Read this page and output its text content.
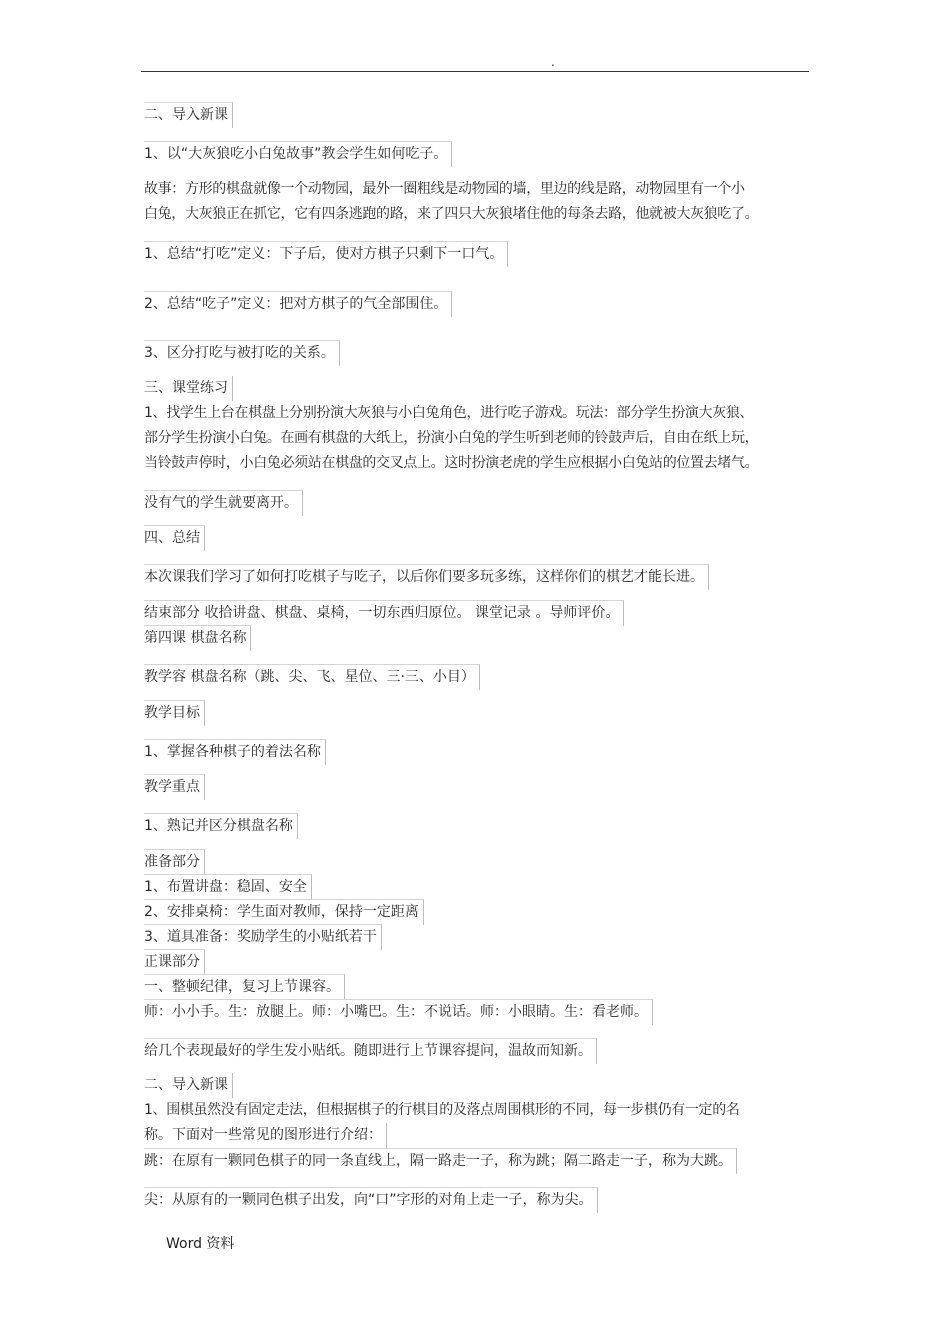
.
二、导入新课
1、以“大灰狼吃小白兔故事”教会学生如何吃子。
故事：方形的棋盘就像一个动物园，最外一圈粗线是动物园的墙，里边的线是路，动物园里有一个小
白兔，大灰狼正在抓它，它有四条逃跑的路，来了四只大灰狼堵住他的每条去路，他就被大灰狼吃了。
1、总结“打吃”定义：下子后，使对方棋子只剩下一口气。
2、总结“吃子”定义：把对方棋子的气全部围住。
3、区分打吃与被打吃的关系。
三、课堂练习
1、找学生上台在棋盘上分别扮演大灰狼与小白兔角色，进行吃子游戏。玩法：部分学生扮演大灰狼、
部分学生扮演小白兔。在画有棋盘的大纸上，扮演小白兔的学生听到老师的铃鼓声后，自由在纸上玩，
当铃鼓声停时，小白兔必须站在棋盘的交叉点上。这时扮演老虎的学生应根据小白兔站的位置去堵气。
没有气的学生就要离开。
四、总结
本次课我们学习了如何打吃棋子与吃子，以后你们要多玩多练，这样你们的棋艺才能长进。
结束部分 收拾讲盘、棋盘、桌椅，一切东西归原位。 课堂记录 。导师评价。
第四课 棋盘名称
教学容 棋盘名称（跳、尖、飞、星位、三·三、小目）
教学目标
1、掌握各种棋子的着法名称
教学重点
1、熟记并区分棋盘名称
准备部分
1、布置讲盘：稳固、安全
2、安排桌椅：学生面对教师，保持一定距离
3、道具准备：奖励学生的小贴纸若干
正课部分
一、整顿纪律，复习上节课容。
师：小小手。生：放腿上。师：小嘴巴。生：不说话。师：小眼睛。生：看老师。
给几个表现最好的学生发小贴纸。随即进行上节课容提问，温故而知新。
二、导入新课
1、围棋虽然没有固定走法，但根据棋子的行棋目的及落点周围棋形的不同，每一步棋仍有一定的名
称。下面对一些常见的图形进行介绍：
跳：在原有一颗同色棋子的同一条直线上，隔一路走一子，称为跳；隔二路走一子，称为大跳。
尖：从原有的一颗同色棋子出发，向“口”字形的对角上走一子，称为尖。
Word 资料
